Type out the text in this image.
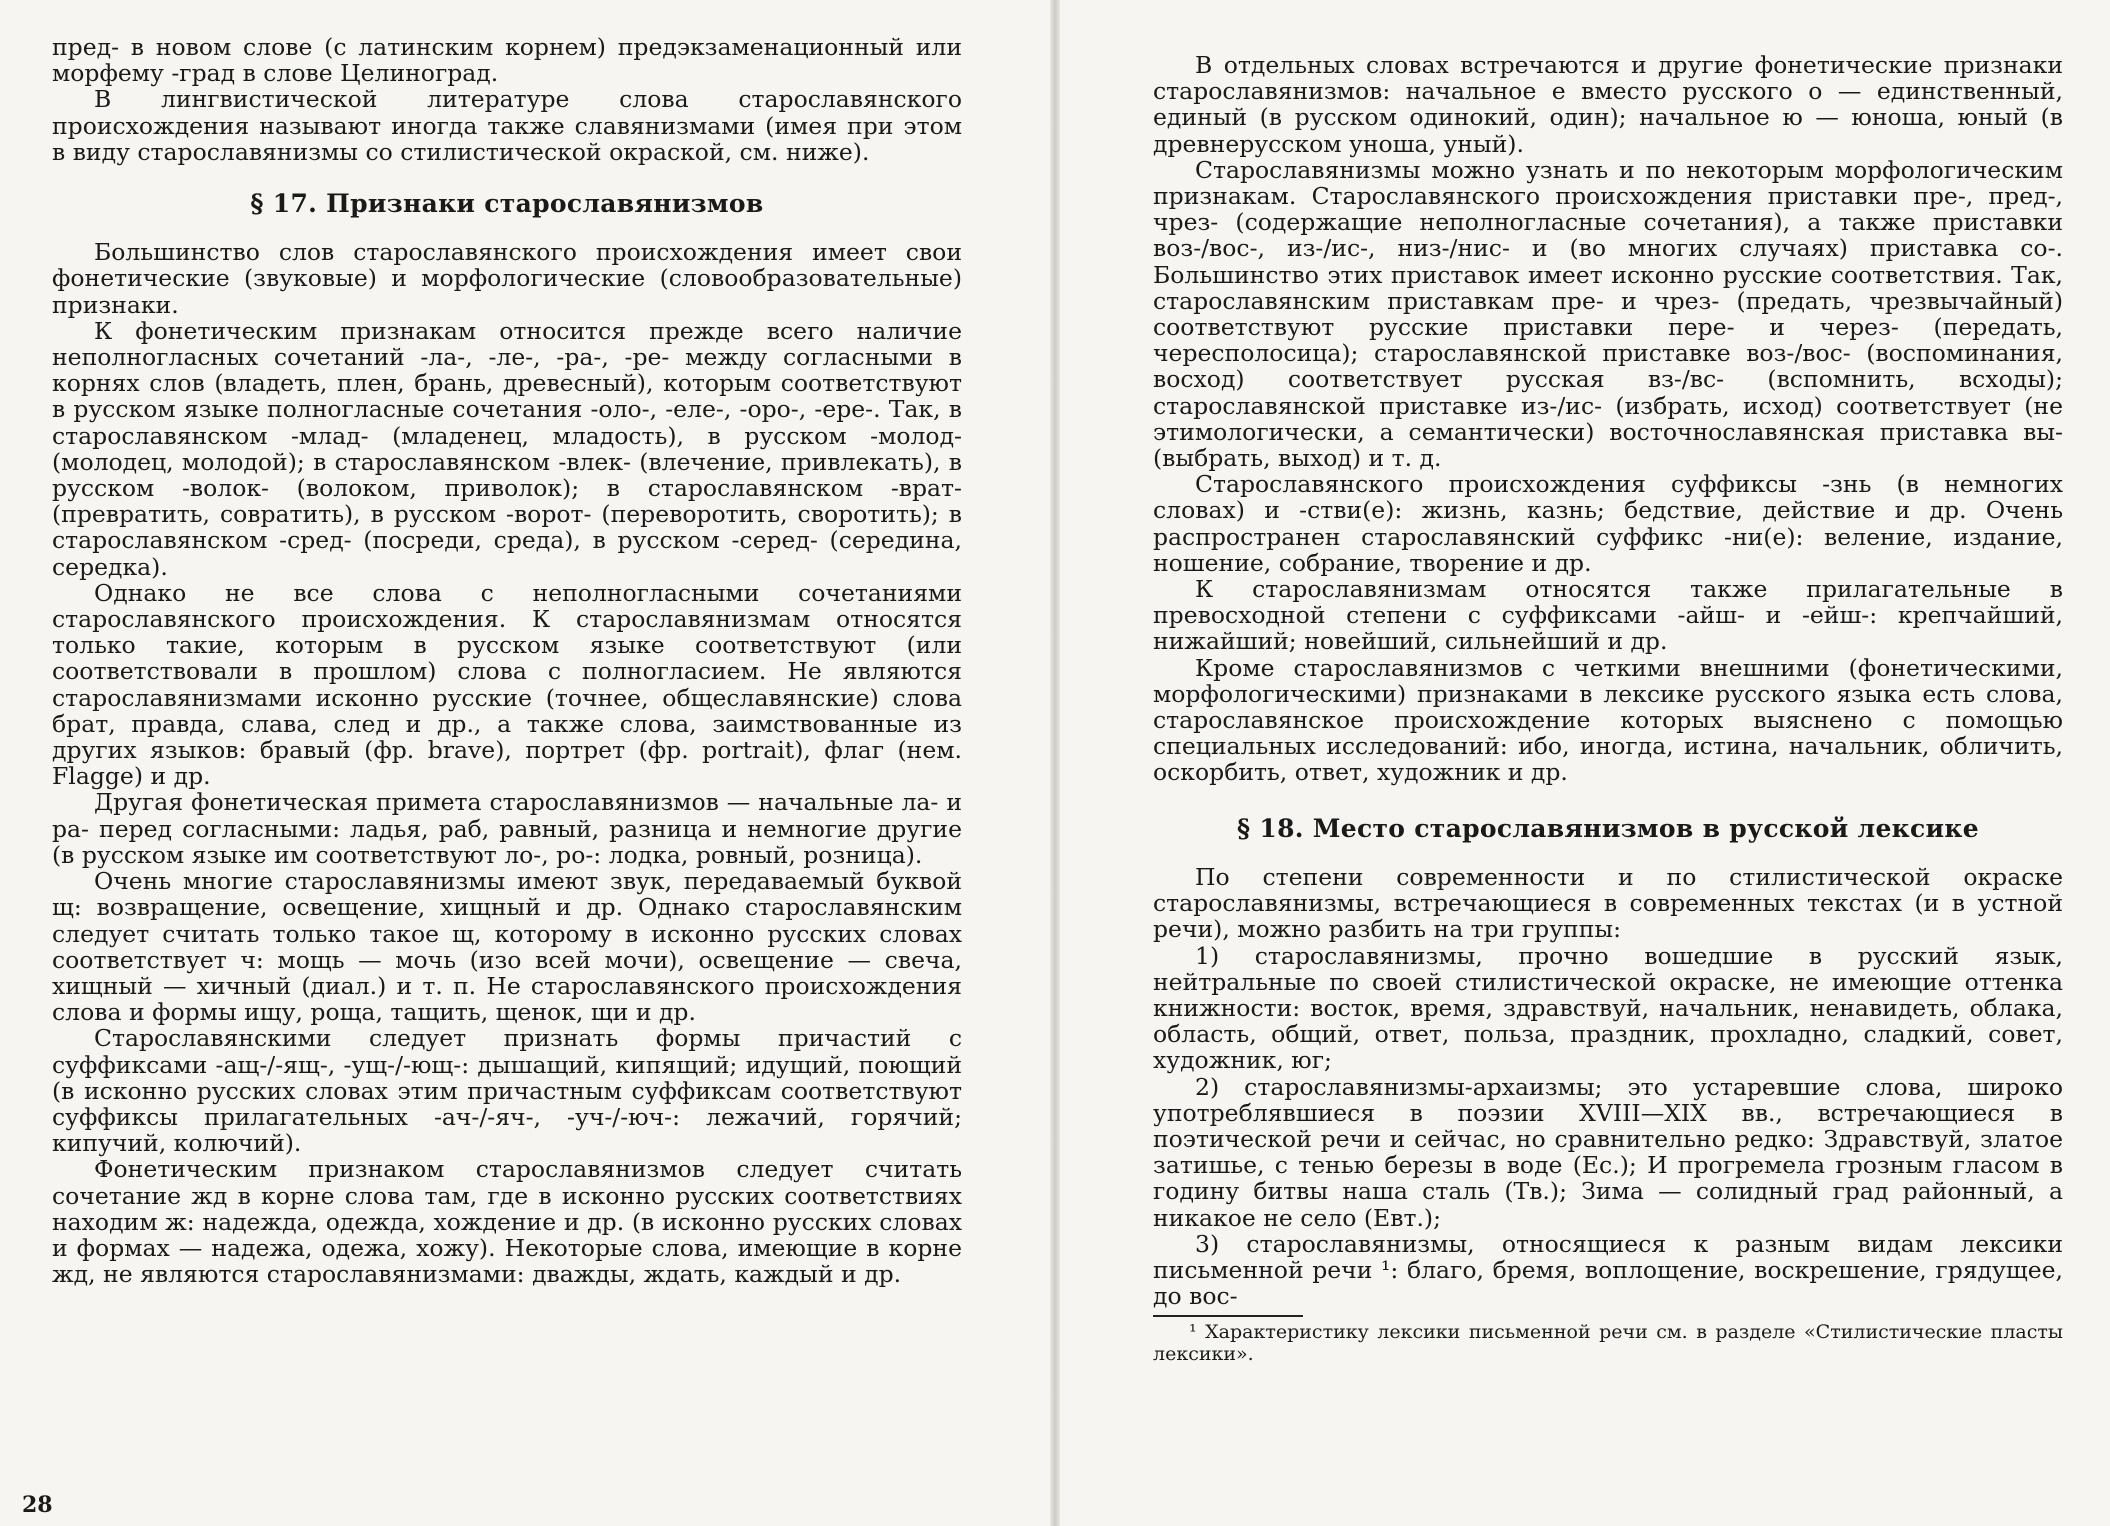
пред- в новом слове (с латинским корнем) предэкзаменационный или морфему -град в слове Целиноград.

В лингвистической литературе слова старославянского происхождения называют иногда также славянизмами (имея при этом в виду старославянизмы со стилистической окраской, см. ниже).

§ 17. Признаки старославянизмов

Большинство слов старославянского происхождения имеет свои фонетические (звуковые) и морфологические (словообразовательные) признаки.

К фонетическим признакам относится прежде всего наличие неполногласных сочетаний -ла-, -ле-, -ра-, -ре- между согласными в корнях слов (владеть, плен, брань, древесный), которым соответствуют в русском языке полногласные сочетания -оло-, -еле-, -оро-, -ере-. Так, в старославянском -млад- (младенец, младость), в русском -молод- (молодец, молодой); в старославянском -влек- (влечение, привлекать), в русском -волок- (волоком, приволок); в старославянском -врат- (превратить, совратить), в русском -ворот- (переворотить, своротить); в старославянском -сред- (посреди, среда), в русском -серед- (середина, середка).

Однако не все слова с неполногласными сочетаниями старославянского происхождения. К старославянизмам относятся только такие, которым в русском языке соответствуют (или соответствовали в прошлом) слова с полногласием. Не являются старославянизмами исконно русские (точнее, общеславянские) слова брат, правда, слава, след и др., а также слова, заимствованные из других языков: бравый (фр. brave), портрет (фр. portrait), флаг (нем. Flagge) и др.

Другая фонетическая примета старославянизмов — начальные ла- и ра- перед согласными: ладья, раб, равный, разница и немногие другие (в русском языке им соответствуют ло-, ро-: лодка, ровный, розница).

Очень многие старославянизмы имеют звук, передаваемый буквой щ: возвращение, освещение, хищный и др. Однако старославянским следует считать только такое щ, которому в исконно русских словах соответствует ч: мощь — мочь (изо всей мочи), освещение — свеча, хищный — хичный (диал.) и т. п. Не старославянского происхождения слова и формы ищу, роща, тащить, щенок, щи и др.

Старославянскими следует признать формы причастий с суффиксами -ащ-/-ящ-, -ущ-/-ющ-: дышащий, кипящий; идущий, поющий (в исконно русских словах этим причастным суффиксам соответствуют суффиксы прилагательных -ач-/-яч-, -уч-/-юч-: лежачий, горячий; кипучий, колючий).

Фонетическим признаком старославянизмов следует считать сочетание жд в корне слова там, где в исконно русских соответствиях находим ж: надежда, одежда, хождение и др. (в исконно русских словах и формах — надежа, одежа, хожу). Некоторые слова, имеющие в корне жд, не являются старославянизмами: дважды, ждать, каждый и др.

28

В отдельных словах встречаются и другие фонетические признаки старославянизмов: начальное е вместо русского о — единственный, единый (в русском одинокий, один); начальное ю — юноша, юный (в древнерусском уноша, уный).

Старославянизмы можно узнать и по некоторым морфологическим признакам. Старославянского происхождения приставки пре-, пред-, чрез- (содержащие неполногласные сочетания), а также приставки воз-/вос-, из-/ис-, низ-/нис- и (во многих случаях) приставка со-. Большинство этих приставок имеет исконно русские соответствия. Так, старославянским приставкам пре- и чрез- (предать, чрезвычайный) соответствуют русские приставки пере- и через- (передать, чересполосица); старославянской приставке воз-/вос- (воспоминания, восход) соответствует русская вз-/вс- (вспомнить, всходы); старославянской приставке из-/ис- (избрать, исход) соответствует (не этимологически, а семантически) восточнославянская приставка вы- (выбрать, выход) и т. д.

Старославянского происхождения суффиксы -знь (в немногих словах) и -стви(е): жизнь, казнь; бедствие, действие и др. Очень распространен старославянский суффикс -ни(е): веление, издание, ношение, собрание, творение и др.

К старославянизмам относятся также прилагательные в превосходной степени с суффиксами -айш- и -ейш-: крепчайший, нижайший; новейший, сильнейший и др.

Кроме старославянизмов с четкими внешними (фонетическими, морфологическими) признаками в лексике русского языка есть слова, старославянское происхождение которых выяснено с помощью специальных исследований: ибо, иногда, истина, начальник, обличить, оскорбить, ответ, художник и др.

§ 18. Место старославянизмов в русской лексике

По степени современности и по стилистической окраске старославянизмы, встречающиеся в современных текстах (и в устной речи), можно разбить на три группы:

1) старославянизмы, прочно вошедшие в русский язык, нейтральные по своей стилистической окраске, не имеющие оттенка книжности: восток, время, здравствуй, начальник, ненавидеть, облака, область, общий, ответ, польза, праздник, прохладно, сладкий, совет, художник, юг;

2) старославянизмы-архаизмы; это устаревшие слова, широко употреблявшиеся в поэзии XVIII—XIX вв., встречающиеся в поэтической речи и сейчас, но сравнительно редко: Здравствуй, златое затишье, с тенью березы в воде (Ес.); И прогремела грозным гласом в годину битвы наша сталь (Тв.); Зима — солидный град районный, а никакое не село (Евт.);

3) старославянизмы, относящиеся к разным видам лексики письменной речи ¹: благо, бремя, воплощение, воскрешение, грядущее, до вос-

¹ Характеристику лексики письменной речи см. в разделе «Стилистические пласты лексики».
